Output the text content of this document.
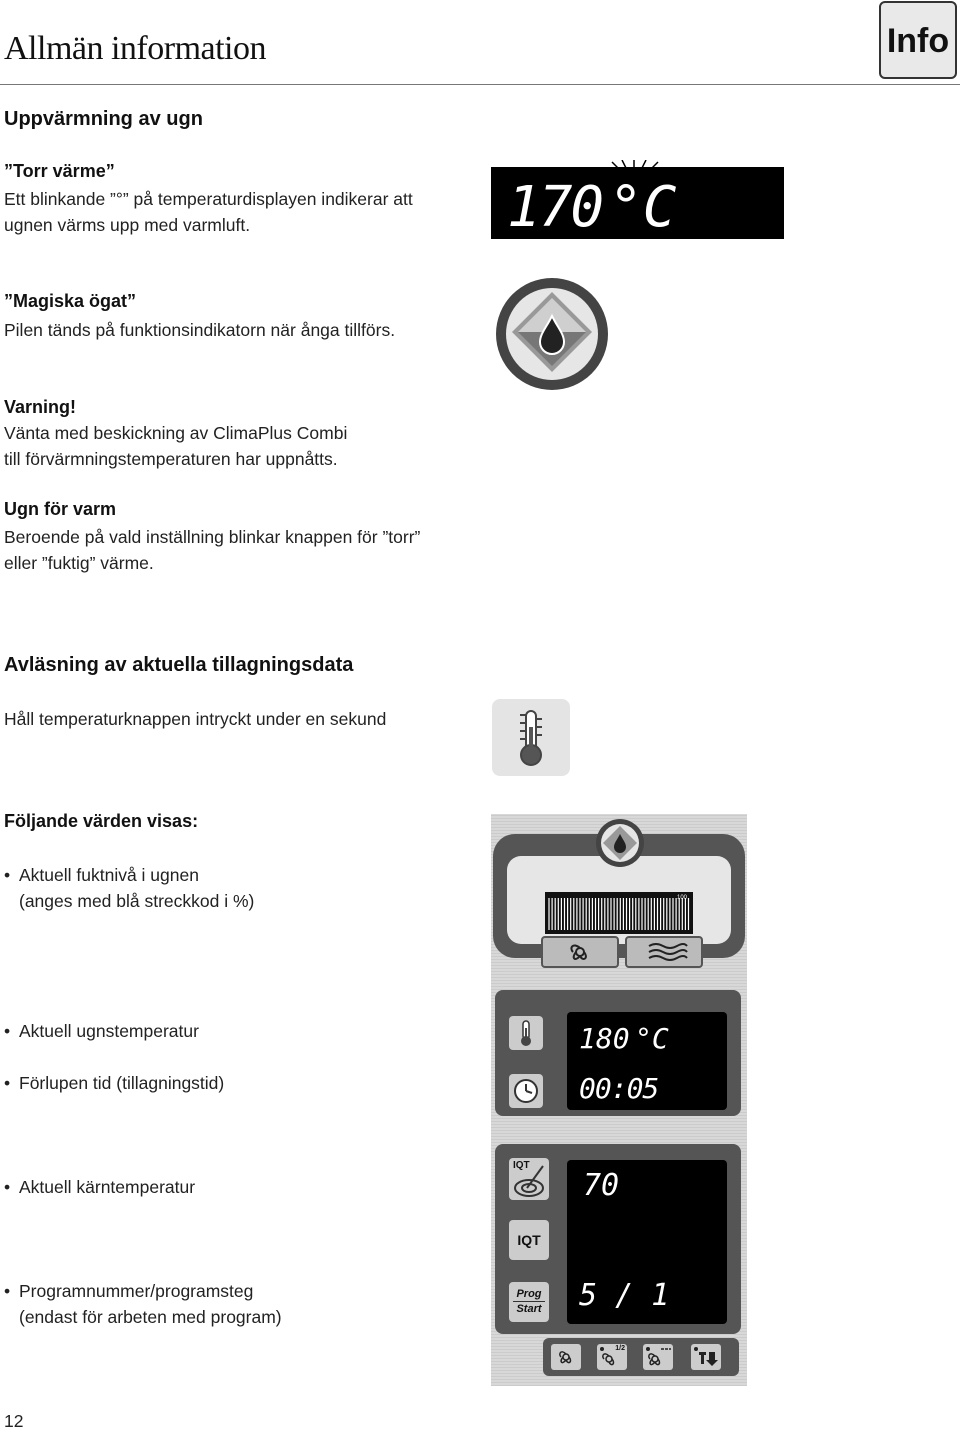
Allmän information	Info
Uppvärmning av ugn
”Torr värme”
Ett blinkande ”°” på temperaturdisplayen indikerar att
ugnen värms upp med varmluft.	170 °C
”Magiska ögat”
Pilen tänds på funktionsindikatorn när ånga tillförs.
Varning!
Vänta med beskickning av ClimaPlus Combi
till förvärmningstemperaturen har uppnåtts.
Ugn för varm
Beroende på vald inställning blinkar knappen för ”torr”
eller ”fuktig” värme.
Avläsning av aktuella tillagningsdata
Håll temperaturknappen intryckt under en sekund
Följande värden visas:
• Aktuell fuktnivå i ugnen
(anges med blå streckkod i %)
• Aktuell ugnstemperatur
• Förlupen tid (tillagningstid)
• Aktuell kärntemperatur
• Programnummer/programsteg
(endast för arbeten med program)
100
180 °C
00:05
IQT
IQT
Prog
Start
70
5 / 1
1/2
12
